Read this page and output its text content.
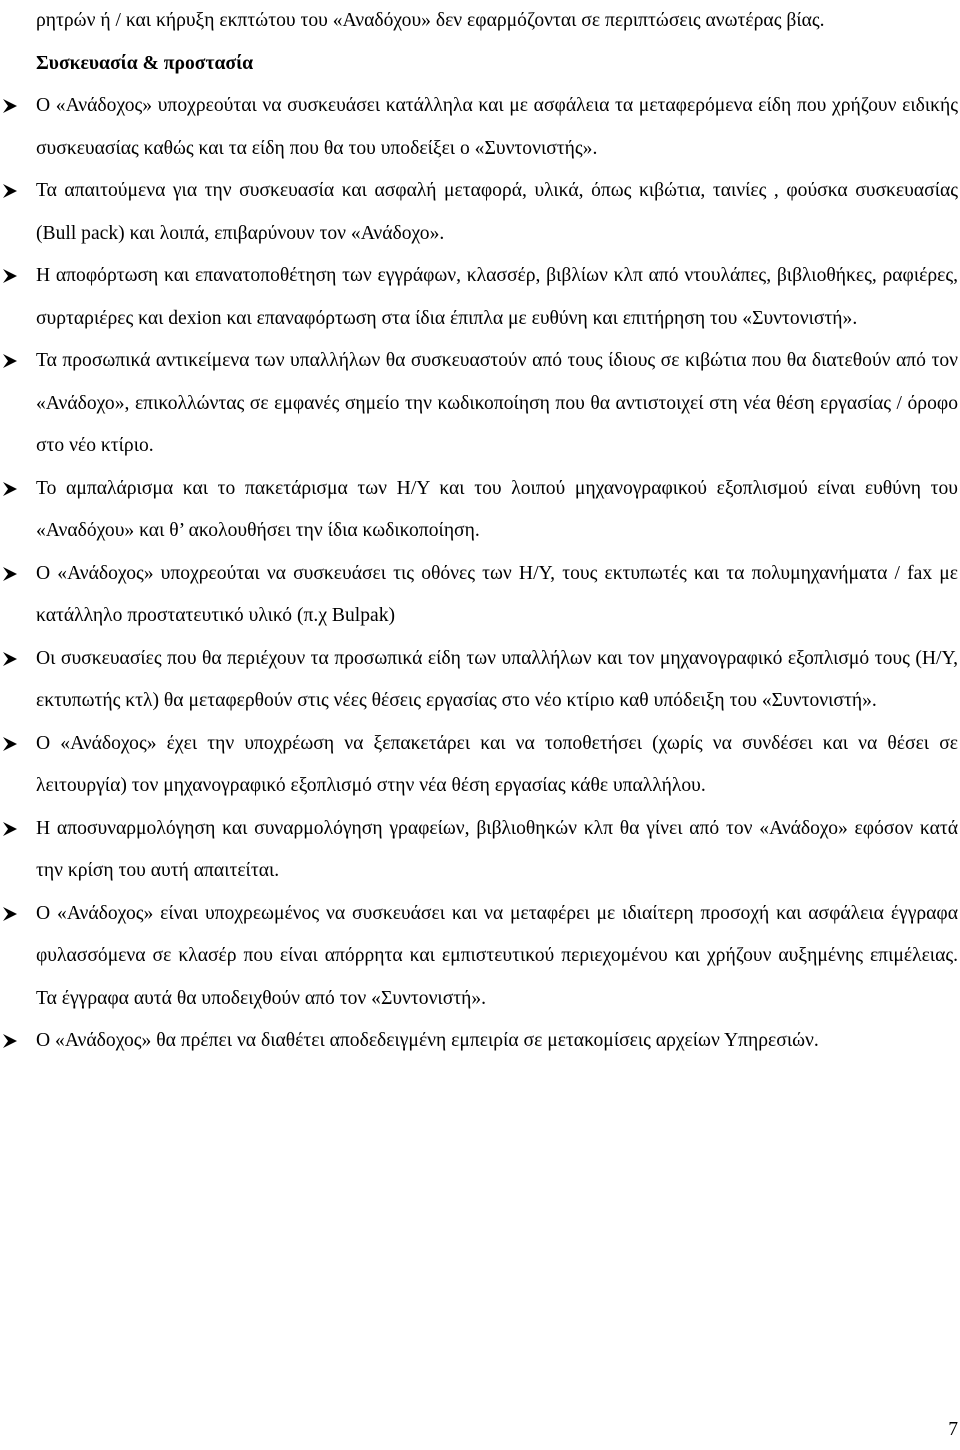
ρητρών ή / και κήρυξη εκπτώτου του «Αναδόχου» δεν εφαρμόζονται σε περιπτώσεις ανωτέρας βίας.

Συσκευασία & προστασία

Ο «Ανάδοχος» υποχρεούται να συσκευάσει κατάλληλα και με ασφάλεια τα μεταφερόμενα είδη που χρήζουν ειδικής συσκευασίας καθώς και τα είδη που θα του υποδείξει ο «Συντονιστής».
Τα απαιτούμενα για την συσκευασία και ασφαλή μεταφορά, υλικά, όπως κιβώτια, ταινίες , φούσκα συσκευασίας (Bull pack) και λοιπά, επιβαρύνουν τον «Ανάδοχο».
Η αποφόρτωση και επανατοποθέτηση των εγγράφων, κλασσέρ, βιβλίων κλπ από ντουλάπες, βιβλιοθήκες, ραφιέρες, συρταριέρες και dexion και επαναφόρτωση στα ίδια έπιπλα με ευθύνη και επιτήρηση του «Συντονιστή».
Τα προσωπικά αντικείμενα των υπαλλήλων θα συσκευαστούν από τους ίδιους σε κιβώτια που θα διατεθούν από τον «Ανάδοχο», επικολλώντας σε εμφανές σημείο την κωδικοποίηση που θα αντιστοιχεί στη νέα θέση εργασίας / όροφο στο νέο κτίριο.
Το αμπαλάρισμα και το πακετάρισμα των Η/Υ και του λοιπού μηχανογραφικού εξοπλισμού είναι ευθύνη του «Αναδόχου» και θ’ ακολουθήσει την ίδια κωδικοποίηση.
Ο «Ανάδοχος» υποχρεούται να συσκευάσει τις οθόνες των Η/Υ, τους εκτυπωτές και τα πολυμηχανήματα / fax με κατάλληλο προστατευτικό υλικό (π.χ Bulpak)
Οι συσκευασίες που θα περιέχουν τα προσωπικά είδη των υπαλλήλων και τον μηχανογραφικό εξοπλισμό τους (Η/Υ, εκτυπωτής κτλ) θα μεταφερθούν στις νέες θέσεις εργασίας στο νέο κτίριο καθ υπόδειξη του «Συντονιστή».
Ο «Ανάδοχος» έχει την υποχρέωση να ξεπακετάρει και να τοποθετήσει (χωρίς να συνδέσει και να θέσει σε λειτουργία) τον μηχανογραφικό εξοπλισμό στην νέα θέση εργασίας κάθε υπαλλήλου.
Η αποσυναρμολόγηση και συναρμολόγηση γραφείων, βιβλιοθηκών κλπ θα γίνει από τον «Ανάδοχο» εφόσον κατά την κρίση του αυτή απαιτείται.
Ο «Ανάδοχος» είναι υποχρεωμένος να συσκευάσει και να μεταφέρει με ιδιαίτερη προσοχή και ασφάλεια έγγραφα φυλασσόμενα σε κλασέρ που είναι απόρρητα και εμπιστευτικού περιεχομένου και χρήζουν αυξημένης επιμέλειας. Τα έγγραφα αυτά θα υποδειχθούν από τον «Συντονιστή».
Ο «Ανάδοχος» θα πρέπει να διαθέτει αποδεδειγμένη εμπειρία σε μετακομίσεις αρχείων Υπηρεσιών.
7
